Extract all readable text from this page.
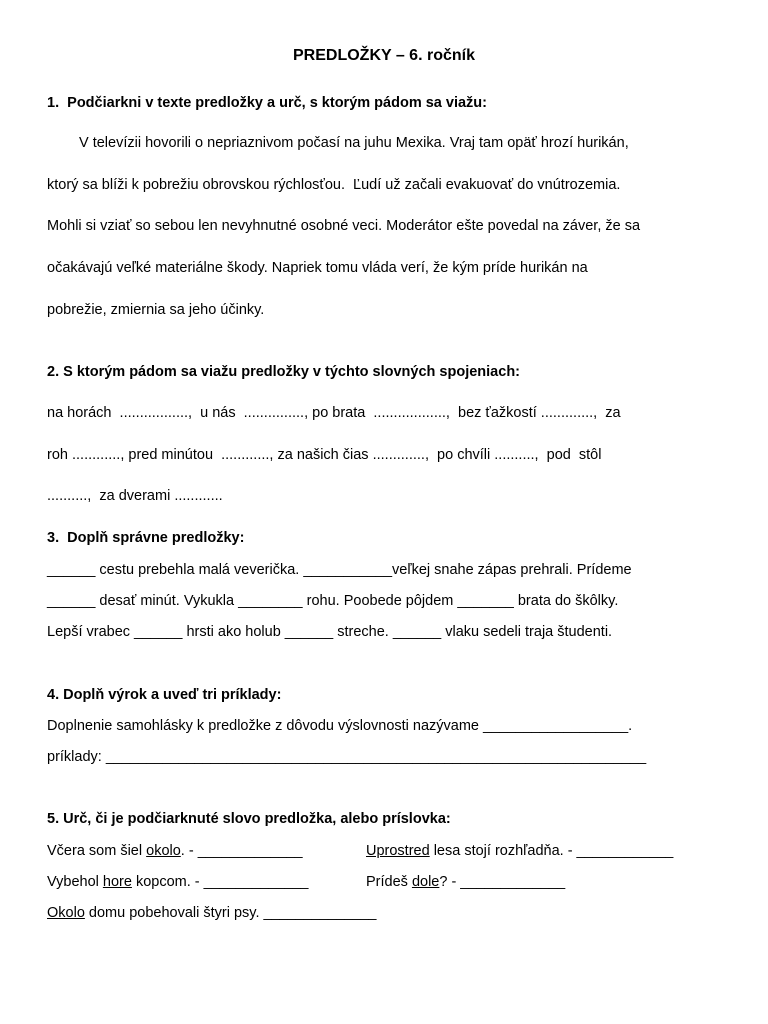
PREDLOŽKY – 6. ročník
1.  Podčiarkni v texte predložky a urč, s ktorým pádom sa viažu:
V televízii hovorili o nepriaznivom počasí na juhu Mexika. Vraj tam opäť hrozí hurikán,
ktorý sa blíži k pobrežiu obrovskou rýchlosťou.  Ľudí už začali evakuovať do vnútrozemia.
Mohli si vziať so sebou len nevyhnutné osobné veci. Moderátor ešte povedal na záver, že sa
očakávajú veľké materiálne škody. Napriek tomu vláda verí, že kým príde hurikán na
pobrežie, zmiernia sa jeho účinky.
2. S ktorým pádom sa viažu predložky v týchto slovných spojeniach:
na horách  .................,  u nás  ..............., po brata  ..................,  bez ťažkostí .............,  za
roh ............, pred minútou  ............, za našich čias .............,  po chvíli ..........,  pod  stôl
..........,  za dverami ............
3.  Doplň správne predložky:
______ cestu prebehla malá veverička. ___________veľkej snahe zápas prehrali. Prídeme
______ desať minút. Vykukla ________ rohu. Poobede pôjdem _______ brata do škôlky.
Lepší vrabec ______ hrsti ako holub ______ streche. ______ vlaku sedeli traja študenti.
4. Doplň výrok a uveď tri príklady:
Doplnenie samohlásky k predložke z dôvodu výslovnosti nazývame __________________.
príklady: ___________________________________________________________________
5. Urč, či je podčiarknuté slovo predložka, alebo príslovka:
Včera som šiel okolo. - _____________	Uprostred lesa stojí rozhľadňa. - ____________
Vybehol hore kopcom. - _____________	Prídeš dole? - _____________
Okolo domu pobehovali štyri psy. ______________
